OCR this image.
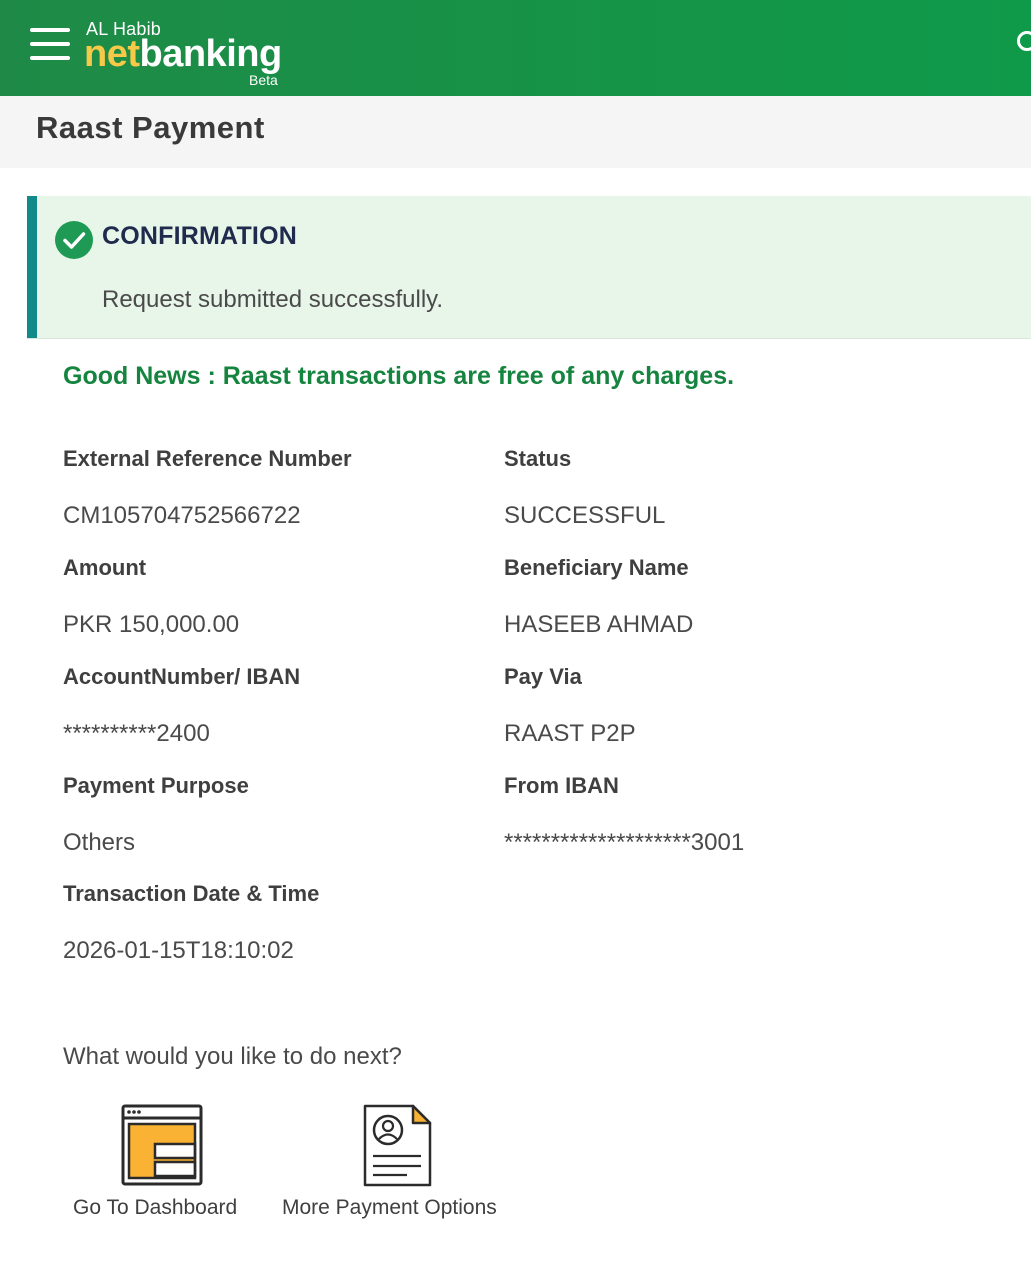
AL Habib
netbanking
Beta
Raast Payment
CONFIRMATION
Request submitted successfully.
Good News : Raast transactions are free of any charges.
External Reference Number
CM105704752566722
Status
SUCCESSFUL
Amount
PKR 150,000.00
Beneficiary Name
HASEEB AHMAD
AccountNumber/ IBAN
**********2400
Pay Via
RAAST P2P
Payment Purpose
Others
From IBAN
********************3001
Transaction Date & Time
2026-01-15T18:10:02
What would you like to do next?
Go To Dashboard More Payment Options
